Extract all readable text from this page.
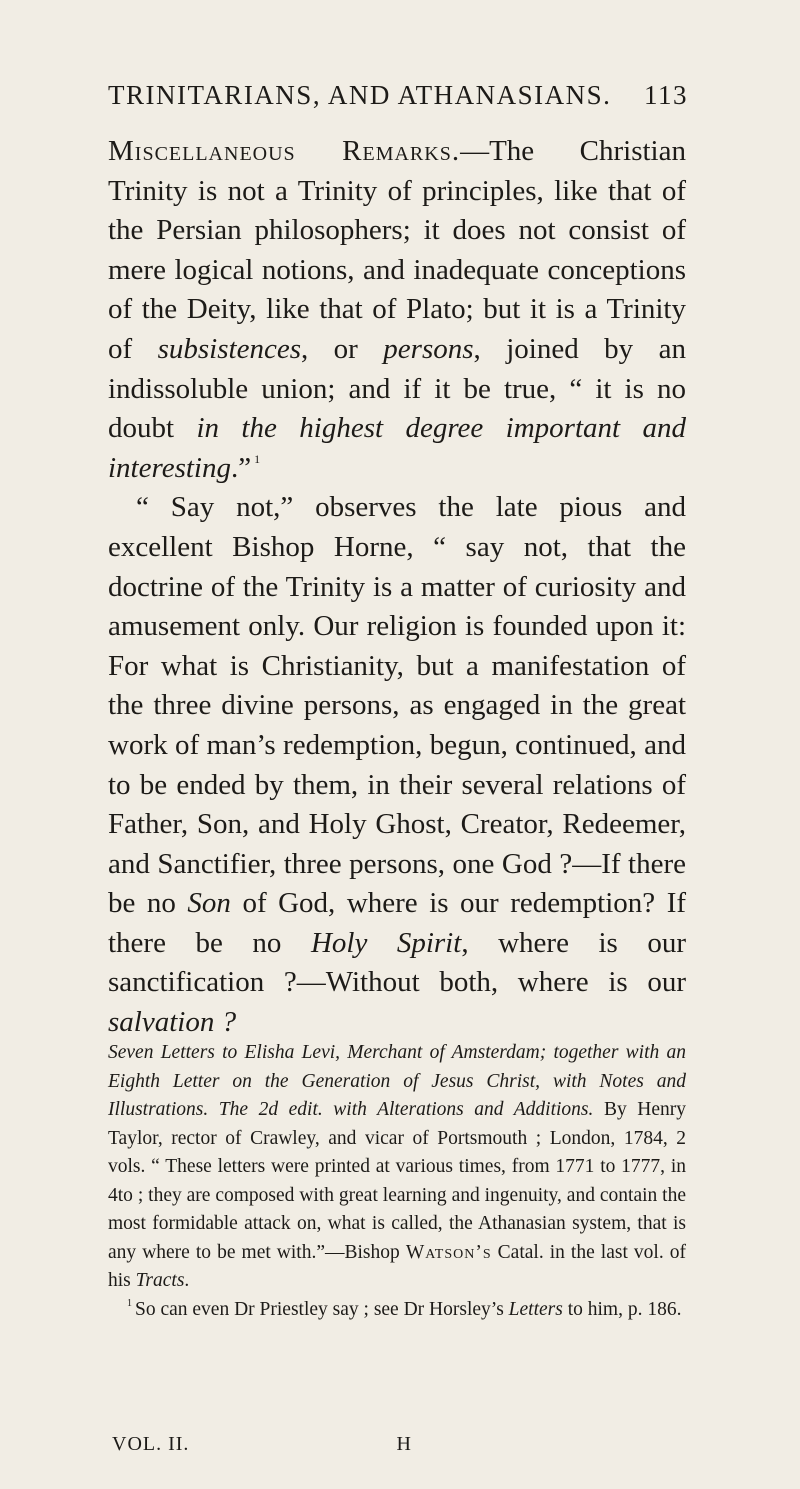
TRINITARIANS, AND ATHANASIANS. 113

Miscellaneous Remarks.—The Christian Trinity is not a Trinity of principles, like that of the Persian philosophers; it does not consist of mere logical notions, and inadequate conceptions of the Deity, like that of Plato; but it is a Trinity of subsistences, or persons, joined by an indissoluble union; and if it be true, “ it is no doubt in the highest degree important and interesting.” $^1$

“ Say not,” observes the late pious and excellent Bishop Horne, “ say not, that the doctrine of the Trinity is a matter of curiosity and amusement only. Our religion is founded upon it: For what is Christianity, but a manifestation of the three divine persons, as engaged in the great work of man’s redemption, begun, continued, and to be ended by them, in their several relations of Father, Son, and Holy Ghost, Creator, Redeemer, and Sanctifier, three persons, one God ?—If there be no Son of God, where is our redemption? If there be no Holy Spirit, where is our sanctification ?—Without both, where is our salvation ?

Seven Letters to Elisha Levi, Merchant of Amsterdam; together with an Eighth Letter on the Generation of Jesus Christ, with Notes and Illustrations. The 2d edit. with Alterations and Additions. By Henry Taylor, rector of Crawley, and vicar of Portsmouth ; London, 1784, 2 vols. “ These letters were printed at various times, from 1771 to 1777, in 4to ; they are composed with great learning and ingenuity, and contain the most formidable attack on, what is called, the Athanasian system, that is any where to be met with.”—Bishop Watson’s Catal. in the last vol. of his Tracts.

$^1$ So can even Dr Priestley say ; see Dr Horsley’s Letters to him, p. 186.

VOL. II.	H
